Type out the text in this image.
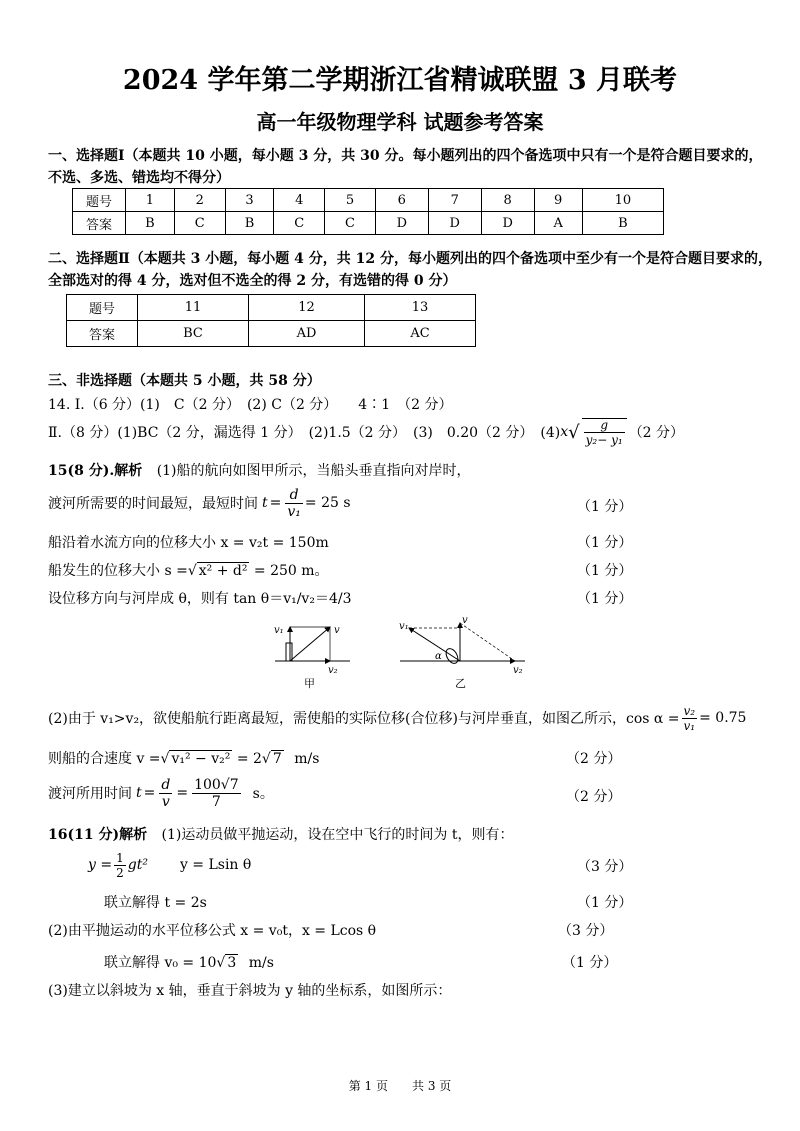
2024 学年第二学期浙江省精诚联盟 3 月联考
高一年级物理学科 试题参考答案
一、选择题Ⅰ（本题共 10 小题，每小题 3 分，共 30 分。每小题列出的四个备选项中只有一个是符合题目要求的，
不选、多选、错选均不得分）
题号	1	2	3	4	5	6	7	8	9	10
答案	B	C	B	C	C	D	D	D	A	B
二、选择题Ⅱ（本题共 3 小题，每小题 4 分，共 12 分，每小题列出的四个备选项中至少有一个是符合题目要求的，
全部选对的得 4 分，选对但不选全的得 2 分，有选错的得 0 分）
题号	11	12	13
答案	BC	AD	AC
三、非选择题（本题共 5 小题，共 58 分）
14. Ⅰ.（6 分）(1)　C（2 分）　(2) C（2 分）　　4∶1　（2 分）
Ⅱ.（8 分）(1)BC（2 分，漏选得 1 分）　(2)1.5（2 分）　(3)　0.20（2 分）　(4) x √ $\frac{g}{\text{y₂− y₁}} (2$ 分）
15(8 分).解析 (1)船的航向如图甲所示，当船头垂直指向对岸时，
渡河所需要的时间最短，最短时间 $t = \frac{d}{\text{v₁}} = 25$ s	（1 分）
船沿着水流方向的位移大小 x = v₂t = 150m	（1 分）
船发生的位移大小 s =√ x² + d² = 250 m。	（1 分）
设位移方向与河岸成 θ，则有 tan θ＝v₁/v₂＝4/3	（1 分）
v₁	v
v₂
甲
v₁
v
v₂
α
乙
(2)由于 v₁>v₂，欲使船航行距离最短，需使船的实际位移(合位移)与河岸垂直，如图乙所示，$\cos \alpha = \frac{\text{v₂}}{\text{v₁}} = 0.75$
则船的合速度 v =√ v₁² − v₂² = 2√ 7 m/s	（2 分）
渡河所用时间 $t = \frac{d}{v} = \frac{100√7}{7}$ s。	（2 分）
16(11 分)解析 (1)运动员做平抛运动，设在空中飞行的时间为 t，则有：
$y = \frac{1}{2} gt^2$ y = Lsin θ	（3 分）
联立解得 t = 2s	（1 分）
(2)由平抛运动的水平位移公式 x = v₀t，x = Lcos θ	（3 分）
联立解得 v₀ = 10√ 3 m/s	（1 分）
(3)建立以斜坡为 x 轴，垂直于斜坡为 y 轴的坐标系，如图所示：
第 1 页　　共 3 页
